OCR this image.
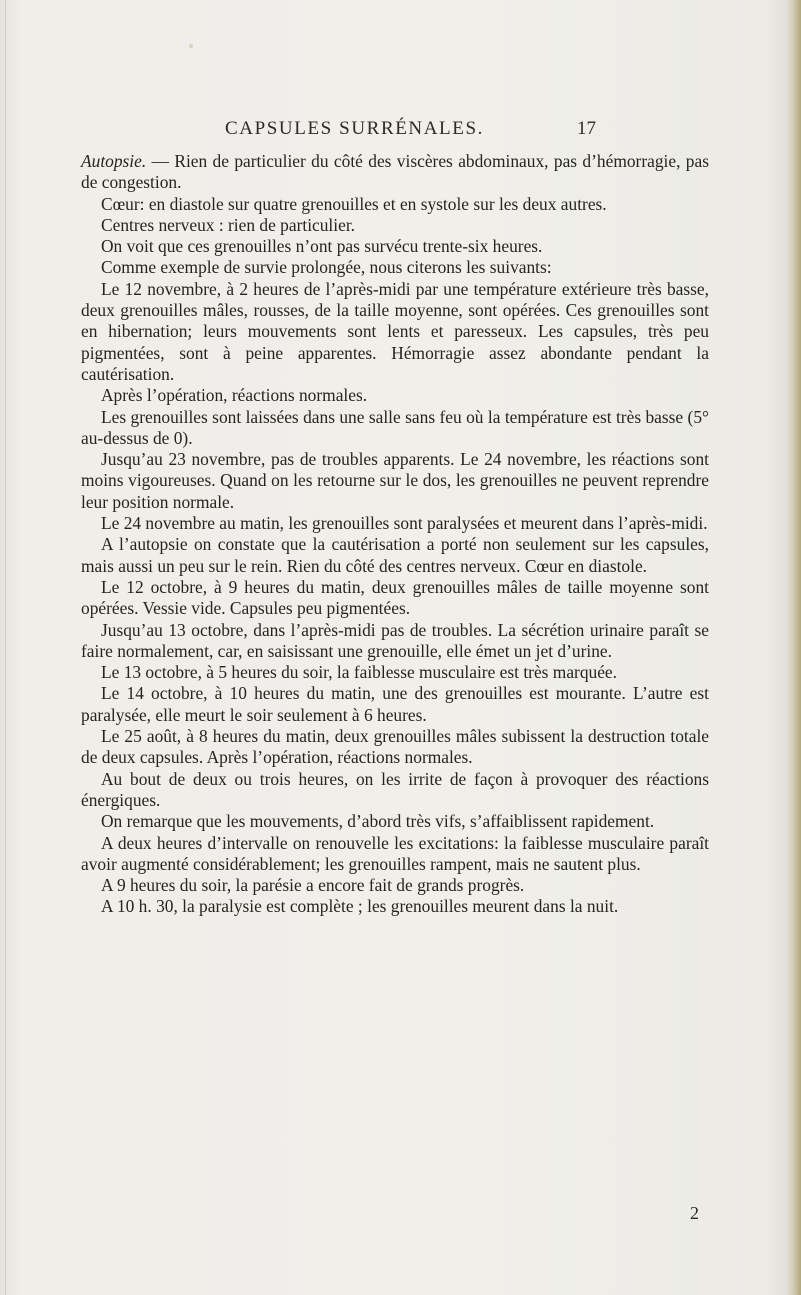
CAPSULES SURRÉNALES.	17

Autopsie. — Rien de particulier du côté des viscères abdominaux, pas d’hémorragie, pas de congestion.

Cœur: en diastole sur quatre grenouilles et en systole sur les deux autres.

Centres nerveux : rien de particulier.

On voit que ces grenouilles n’ont pas survécu trente-six heures.

Comme exemple de survie prolongée, nous citerons les suivants:

Le 12 novembre, à 2 heures de l’après-midi par une température extérieure très basse, deux grenouilles mâles, rousses, de la taille moyenne, sont opérées. Ces grenouilles sont en hibernation; leurs mouvements sont lents et paresseux. Les capsules, très peu pigmentées, sont à peine apparentes. Hémorragie assez abondante pendant la cautérisation.

Après l’opération, réactions normales.

Les grenouilles sont laissées dans une salle sans feu où la température est très basse (5° au-dessus de 0).

Jusqu’au 23 novembre, pas de troubles apparents. Le 24 novembre, les réactions sont moins vigoureuses. Quand on les retourne sur le dos, les grenouilles ne peuvent reprendre leur position normale.

Le 24 novembre au matin, les grenouilles sont paralysées et meurent dans l’après-midi.

A l’autopsie on constate que la cautérisation a porté non seulement sur les capsules, mais aussi un peu sur le rein. Rien du côté des centres nerveux. Cœur en diastole.

Le 12 octobre, à 9 heures du matin, deux grenouilles mâles de taille moyenne sont opérées. Vessie vide. Capsules peu pigmentées.

Jusqu’au 13 octobre, dans l’après-midi pas de troubles. La sécrétion urinaire paraît se faire normalement, car, en saisissant une grenouille, elle émet un jet d’urine.

Le 13 octobre, à 5 heures du soir, la faiblesse musculaire est très marquée.

Le 14 octobre, à 10 heures du matin, une des grenouilles est mourante. L’autre est paralysée, elle meurt le soir seulement à 6 heures.

Le 25 août, à 8 heures du matin, deux grenouilles mâles subissent la destruction totale de deux capsules. Après l’opération, réactions normales.

Au bout de deux ou trois heures, on les irrite de façon à provoquer des réactions énergiques.

On remarque que les mouvements, d’abord très vifs, s’affaiblissent rapidement.

A deux heures d’intervalle on renouvelle les excitations: la faiblesse musculaire paraît avoir augmenté considérablement; les grenouilles rampent, mais ne sautent plus.

A 9 heures du soir, la parésie a encore fait de grands progrès.

A 10 h. 30, la paralysie est complète ; les grenouilles meurent dans la nuit.

2
